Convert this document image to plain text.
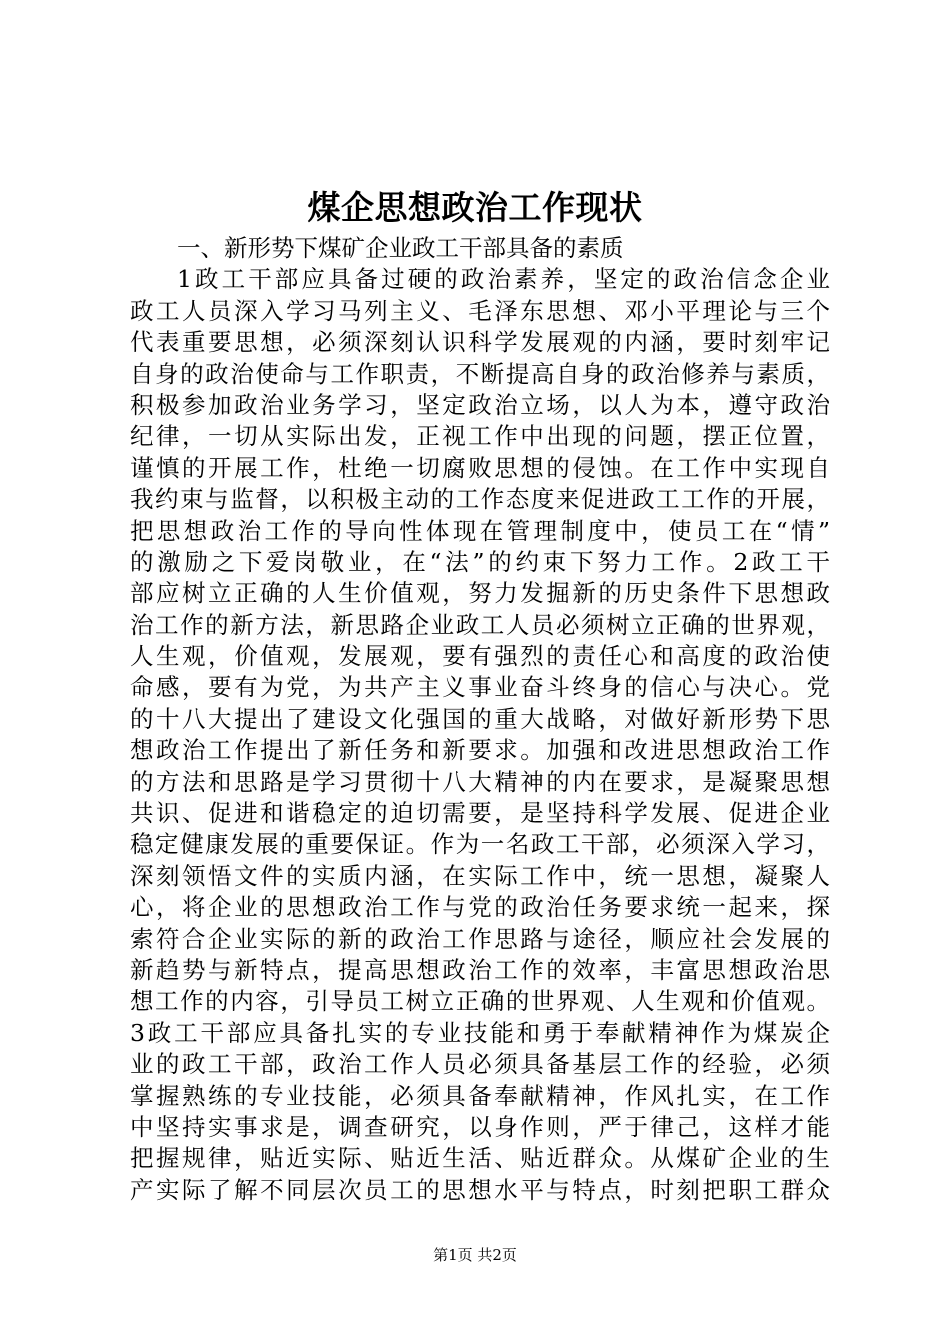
煤企思想政治工作现状
一、新形势下煤矿企业政工干部具备的素质
1政工干部应具备过硬的政治素养，坚定的政治信念企业
政工人员深入学习马列主义、毛泽东思想、邓小平理论与三个
代表重要思想，必须深刻认识科学发展观的内涵，要时刻牢记
自身的政治使命与工作职责，不断提高自身的政治修养与素质，
积极参加政治业务学习，坚定政治立场，以人为本，遵守政治
纪律，一切从实际出发，正视工作中出现的问题，摆正位置，
谨慎的开展工作，杜绝一切腐败思想的侵蚀。在工作中实现自
我约束与监督，以积极主动的工作态度来促进政工工作的开展，
把思想政治工作的导向性体现在管理制度中，使员工在“情”
的激励之下爱岗敬业，在“法”的约束下努力工作。2政工干
部应树立正确的人生价值观，努力发掘新的历史条件下思想政
治工作的新方法，新思路企业政工人员必须树立正确的世界观，
人生观，价值观，发展观，要有强烈的责任心和高度的政治使
命感，要有为党，为共产主义事业奋斗终身的信心与决心。党
的十八大提出了建设文化强国的重大战略，对做好新形势下思
想政治工作提出了新任务和新要求。加强和改进思想政治工作
的方法和思路是学习贯彻十八大精神的内在要求，是凝聚思想
共识、促进和谐稳定的迫切需要，是坚持科学发展、促进企业
稳定健康发展的重要保证。作为一名政工干部，必须深入学习，
深刻领悟文件的实质内涵，在实际工作中，统一思想，凝聚人
心，将企业的思想政治工作与党的政治任务要求统一起来，探
索符合企业实际的新的政治工作思路与途径，顺应社会发展的
新趋势与新特点，提高思想政治工作的效率，丰富思想政治思
想工作的内容，引导员工树立正确的世界观、人生观和价值观。
3政工干部应具备扎实的专业技能和勇于奉献精神作为煤炭企
业的政工干部，政治工作人员必须具备基层工作的经验，必须
掌握熟练的专业技能，必须具备奉献精神，作风扎实，在工作
中坚持实事求是，调查研究，以身作则，严于律己，这样才能
把握规律，贴近实际、贴近生活、贴近群众。从煤矿企业的生
产实际了解不同层次员工的思想水平与特点，时刻把职工群众
第1页 共2页
